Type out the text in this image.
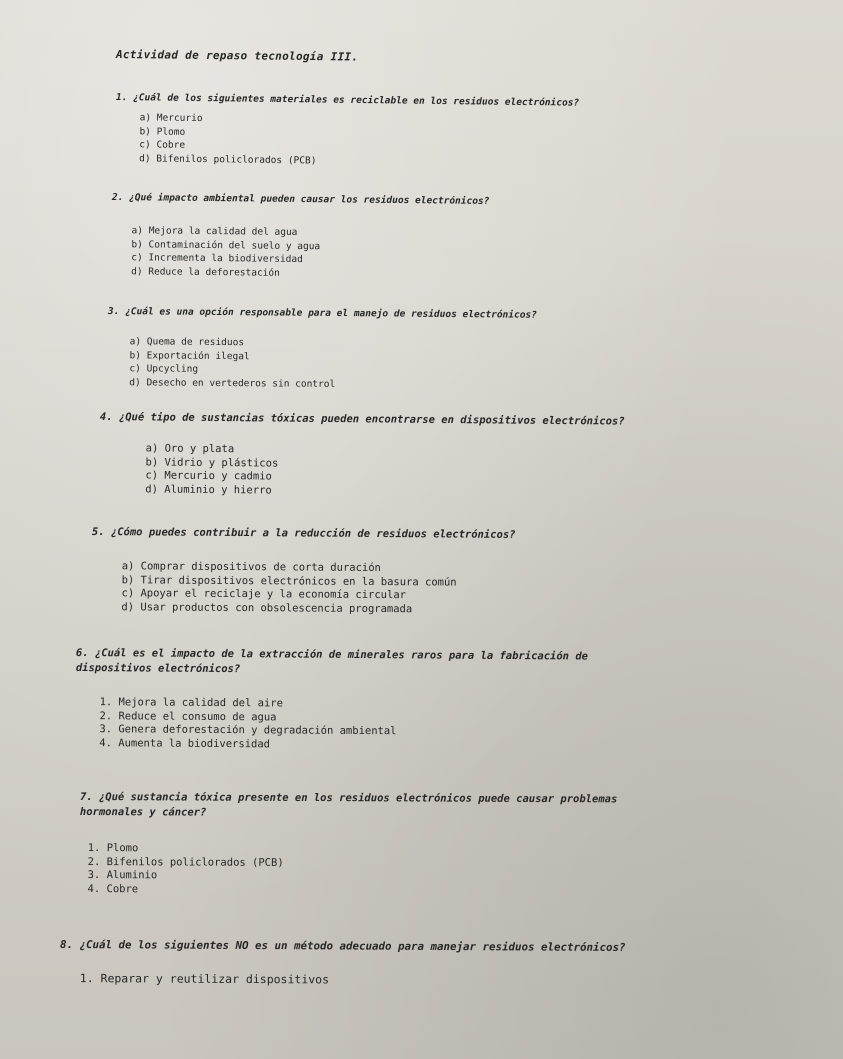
Actividad de repaso tecnología III.
1. ¿Cuál de los siguientes materiales es reciclable en los residuos electrónicos?
a) Mercurio
b) Plomo
c) Cobre
d) Bifenilos policlorados (PCB)
2. ¿Qué impacto ambiental pueden causar los residuos electrónicos?
a) Mejora la calidad del agua
b) Contaminación del suelo y agua
c) Incrementa la biodiversidad
d) Reduce la deforestación
3. ¿Cuál es una opción responsable para el manejo de residuos electrónicos?
a) Quema de residuos
b) Exportación ilegal
c) Upcycling
d) Desecho en vertederos sin control
4. ¿Qué tipo de sustancias tóxicas pueden encontrarse en dispositivos electrónicos?
a) Oro y plata
b) Vidrio y plásticos
c) Mercurio y cadmio
d) Aluminio y hierro
5. ¿Cómo puedes contribuir a la reducción de residuos electrónicos?
a) Comprar dispositivos de corta duración
b) Tirar dispositivos electrónicos en la basura común
c) Apoyar el reciclaje y la economía circular
d) Usar productos con obsolescencia programada
6. ¿Cuál es el impacto de la extracción de minerales raros para la fabricación de
dispositivos electrónicos?
1. Mejora la calidad del aire
2. Reduce el consumo de agua
3. Genera deforestación y degradación ambiental
4. Aumenta la biodiversidad
7. ¿Qué sustancia tóxica presente en los residuos electrónicos puede causar problemas
hormonales y cáncer?
1. Plomo
2. Bifenilos policlorados (PCB)
3. Aluminio
4. Cobre
8. ¿Cuál de los siguientes NO es un método adecuado para manejar residuos electrónicos?
1. Reparar y reutilizar dispositivos
